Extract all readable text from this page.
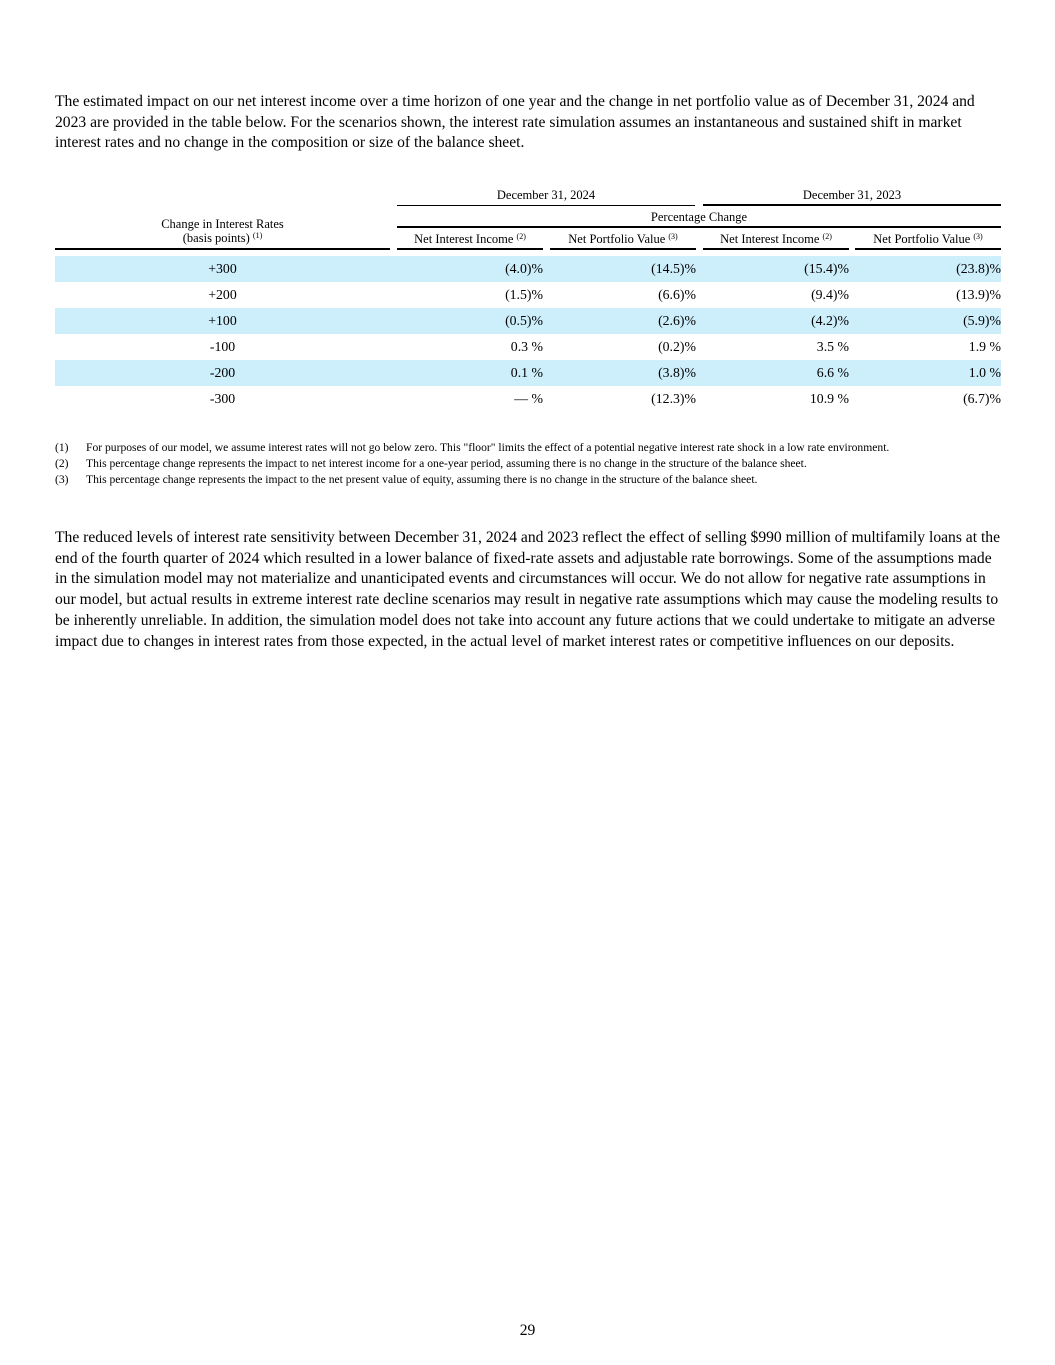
The estimated impact on our net interest income over a time horizon of one year and the change in net portfolio value as of December 31, 2024 and 2023 are provided in the table below. For the scenarios shown, the interest rate simulation assumes an instantaneous and sustained shift in market interest rates and no change in the composition or size of the balance sheet.

December 31, 2024	December 31, 2023
Percentage Change
Change in Interest Rates
(basis points) $^{(1)}$	Net Interest Income $^{(2)}$	Net Portfolio Value $^{(3)}$	Net Interest Income $^{(2)}$	Net Portfolio Value $^{(3)}$
+300	(4.0)%	(14.5)%	(15.4)%	(23.8)%
+200	(1.5)%	(6.6)%	(9.4)%	(13.9)%
+100	(0.5)%	(2.6)%	(4.2)%	(5.9)%
-100	0.3 %	(0.2)%	3.5 %	1.9 %
-200	0.1 %	(3.8)%	6.6 %	1.0 %
-300	— %	(12.3)%	10.9 %	(6.7)%
(1) For purposes of our model, we assume interest rates will not go below zero. This "floor" limits the effect of a potential negative interest rate shock in a low rate environment.
(2) This percentage change represents the impact to net interest income for a one-year period, assuming there is no change in the structure of the balance sheet.
(3) This percentage change represents the impact to the net present value of equity, assuming there is no change in the structure of the balance sheet.

The reduced levels of interest rate sensitivity between December 31, 2024 and 2023 reflect the effect of selling $990 million of multifamily loans at the end of the fourth quarter of 2024 which resulted in a lower balance of fixed-rate assets and adjustable rate borrowings. Some of the assumptions made in the simulation model may not materialize and unanticipated events and circumstances will occur. We do not allow for negative rate assumptions in our model, but actual results in extreme interest rate decline scenarios may result in negative rate assumptions which may cause the modeling results to be inherently unreliable. In addition, the simulation model does not take into account any future actions that we could undertake to mitigate an adverse impact due to changes in interest rates from those expected, in the actual level of market interest rates or competitive influences on our deposits.

29
